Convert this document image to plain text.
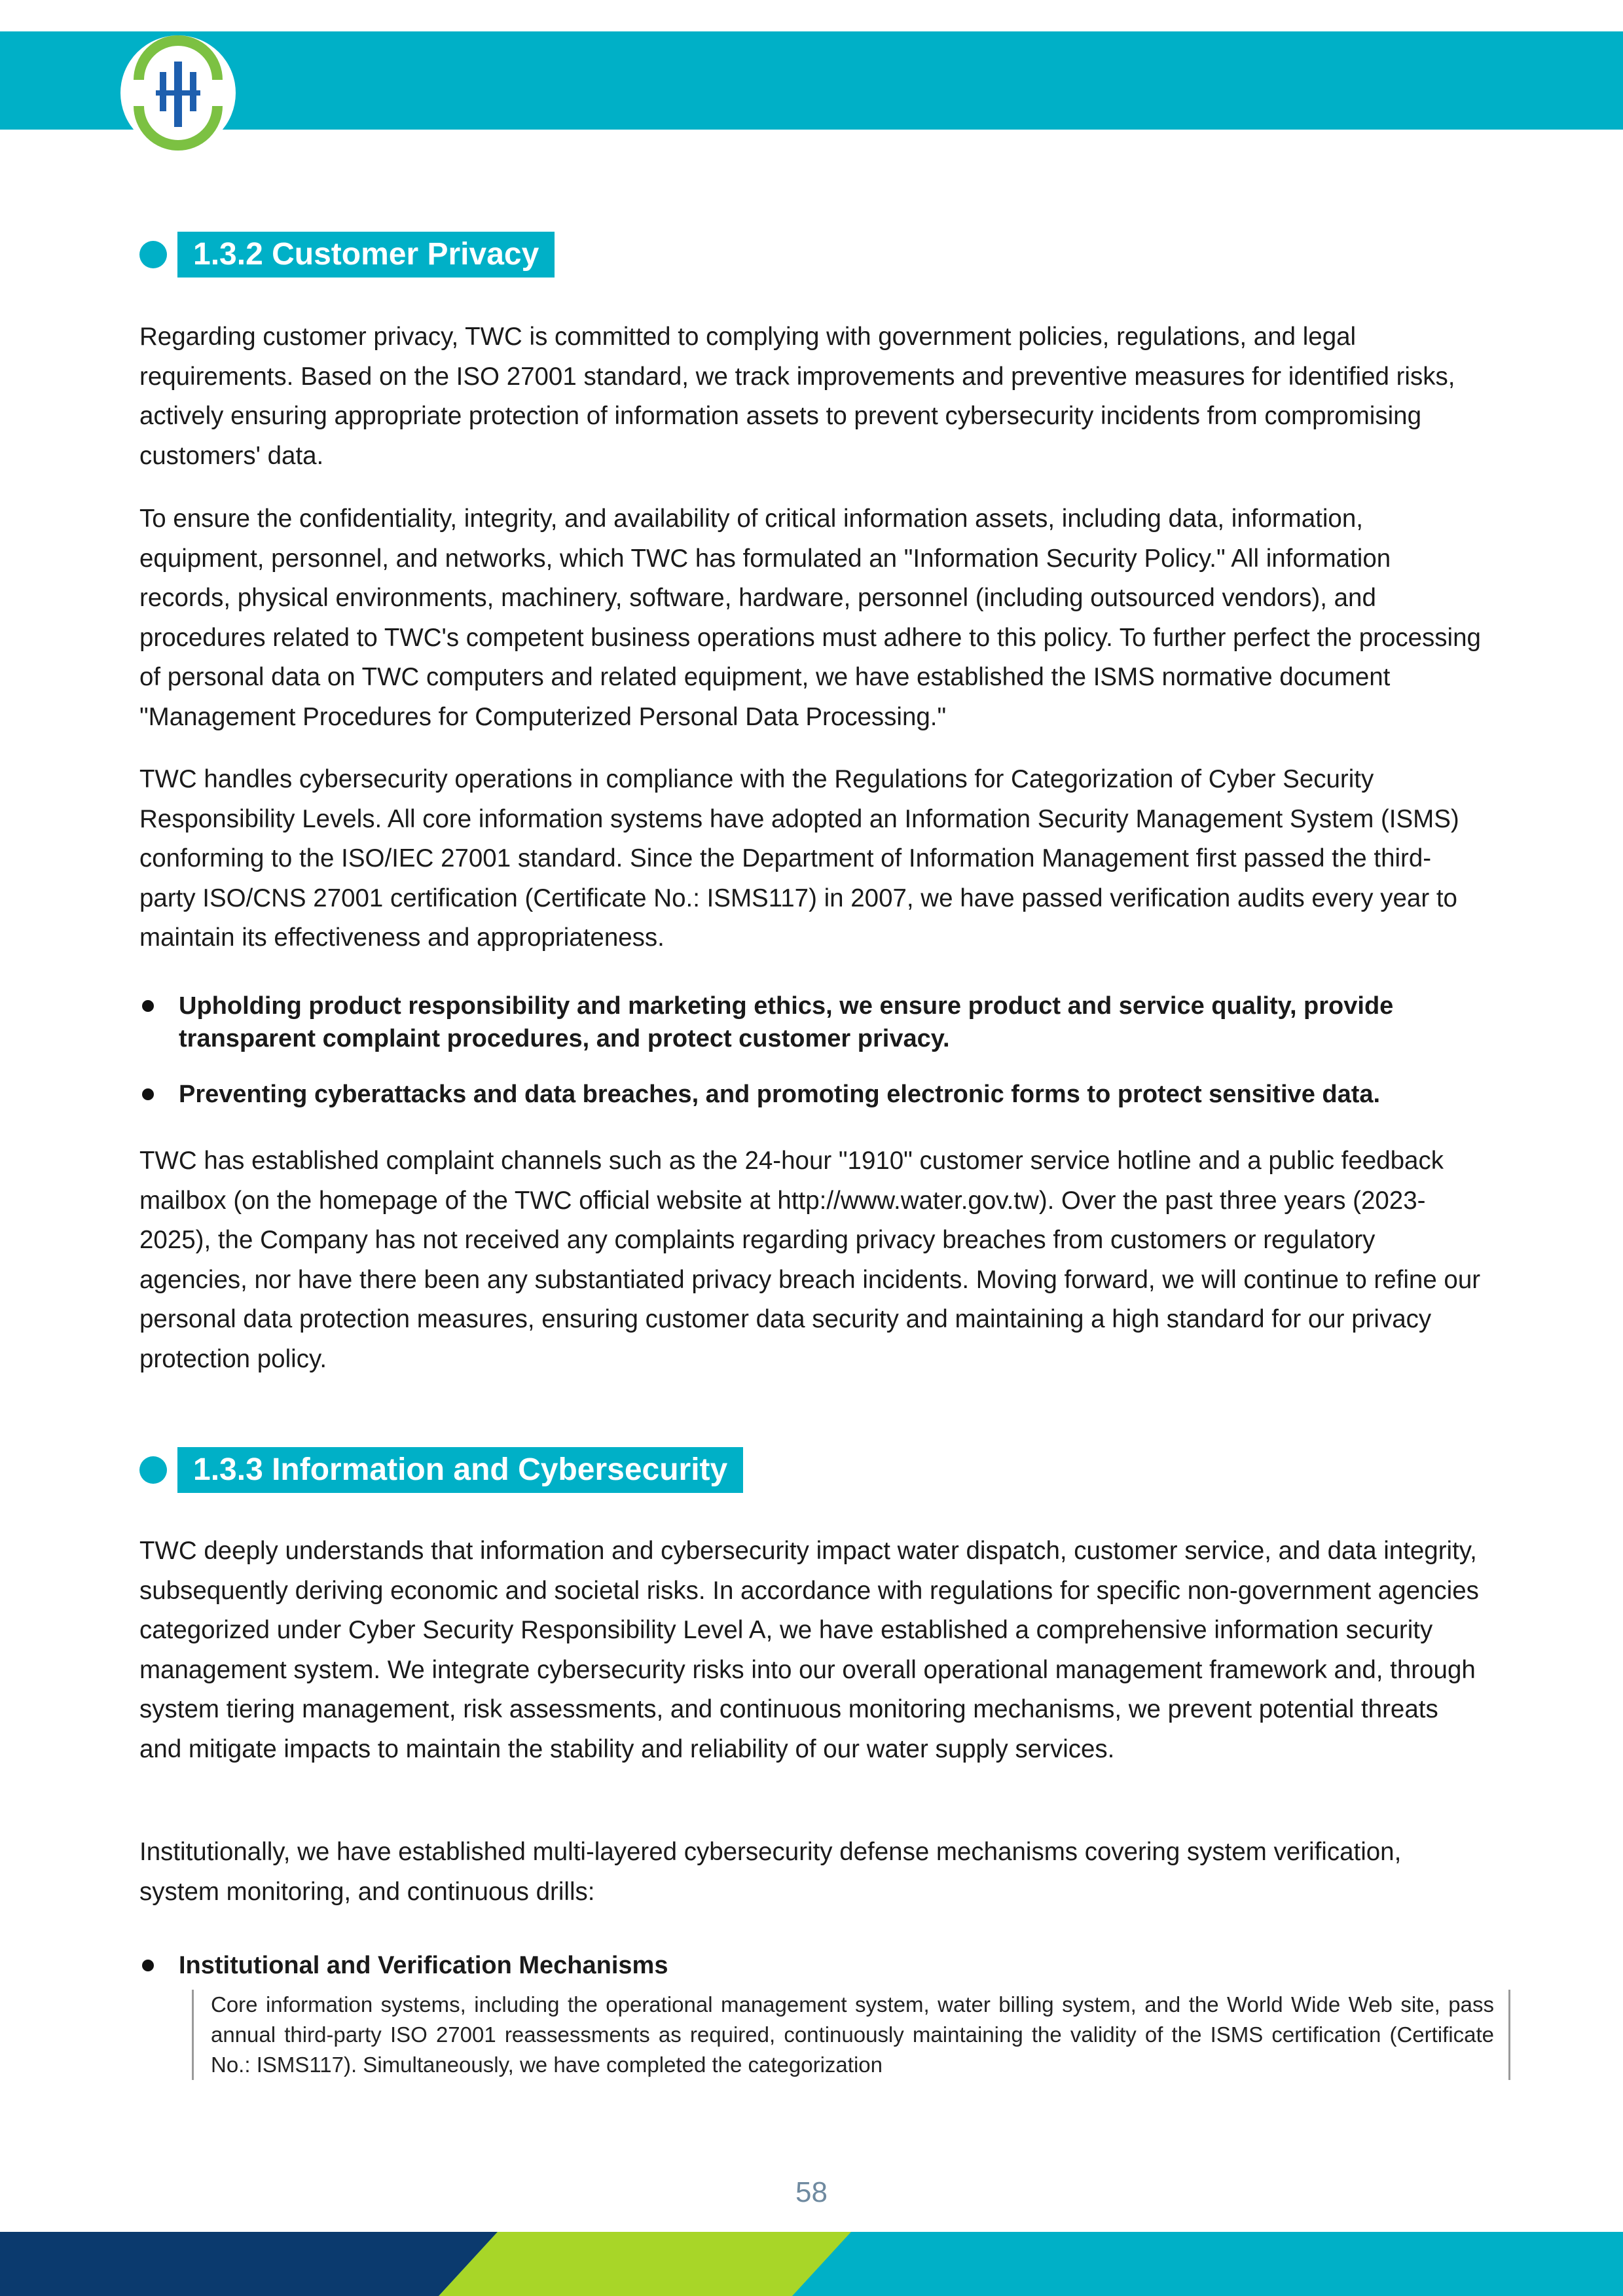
1.3.2 Customer Privacy

Regarding customer privacy, TWC is committed to complying with government policies, regulations, and legal requirements. Based on the ISO 27001 standard, we track improvements and preventive measures for identified risks, actively ensuring appropriate protection of information assets to prevent cybersecurity incidents from compromising customers' data.

To ensure the confidentiality, integrity, and availability of critical information assets, including data, information, equipment, personnel, and networks, which TWC has formulated an "Information Security Policy." All information records, physical environments, machinery, software, hardware, personnel (including outsourced vendors), and procedures related to TWC's competent business operations must adhere to this policy. To further perfect the processing of personal data on TWC computers and related equipment, we have established the ISMS normative document "Management Procedures for Computerized Personal Data Processing."

TWC handles cybersecurity operations in compliance with the Regulations for Categorization of Cyber Security Responsibility Levels. All core information systems have adopted an Information Security Management System (ISMS) conforming to the ISO/IEC 27001 standard. Since the Department of Information Management first passed the third-party ISO/CNS 27001 certification (Certificate No.: ISMS117) in 2007, we have passed verification audits every year to maintain its effectiveness and appropriateness.

Upholding product responsibility and marketing ethics, we ensure product and service quality, provide transparent complaint procedures, and protect customer privacy.
Preventing cyberattacks and data breaches, and promoting electronic forms to protect sensitive data.

TWC has established complaint channels such as the 24-hour "1910" customer service hotline and a public feedback mailbox (on the homepage of the TWC official website at http://www.water.gov.tw). Over the past three years (2023-2025), the Company has not received any complaints regarding privacy breaches from customers or regulatory agencies, nor have there been any substantiated privacy breach incidents. Moving forward, we will continue to refine our personal data protection measures, ensuring customer data security and maintaining a high standard for our privacy protection policy.

1.3.3 Information and Cybersecurity

TWC deeply understands that information and cybersecurity impact water dispatch, customer service, and data integrity, subsequently deriving economic and societal risks. In accordance with regulations for specific non-government agencies categorized under Cyber Security Responsibility Level A, we have established a comprehensive information security management system. We integrate cybersecurity risks into our overall operational management framework and, through system tiering management, risk assessments, and continuous monitoring mechanisms, we prevent potential threats and mitigate impacts to maintain the stability and reliability of our water supply services.

Institutionally, we have established multi-layered cybersecurity defense mechanisms covering system verification, system monitoring, and continuous drills:

Institutional and Verification Mechanisms
Core information systems, including the operational management system, water billing system, and the World Wide Web site, pass annual third-party ISO 27001 reassessments as required, continuously maintaining the validity of the ISMS certification (Certificate No.: ISMS117). Simultaneously, we have completed the categorization
58
